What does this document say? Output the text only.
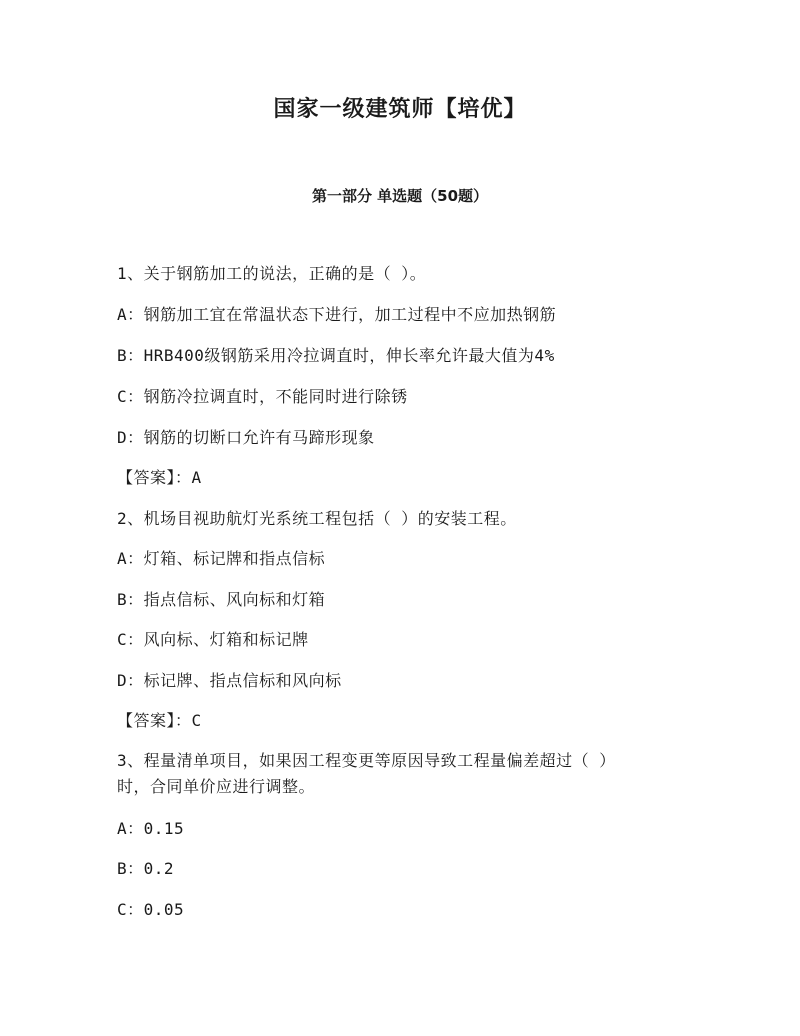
国家一级建筑师【培优】
第一部分 单选题（50题）
1、关于钢筋加工的说法，正确的是（ ）。
A：钢筋加工宜在常温状态下进行，加工过程中不应加热钢筋
B：HRB400级钢筋采用冷拉调直时，伸长率允许最大值为4%
C：钢筋冷拉调直时，不能同时进行除锈
D：钢筋的切断口允许有马蹄形现象
【答案】：A
2、机场目视助航灯光系统工程包括（ ）的安装工程。
A：灯箱、标记牌和指点信标
B：指点信标、风向标和灯箱
C：风向标、灯箱和标记牌
D：标记牌、指点信标和风向标
【答案】：C
3、程量清单项目，如果因工程变更等原因导致工程量偏差超过（ ）
时，合同单价应进行调整。
A：0.15
B：0.2
C：0.05
